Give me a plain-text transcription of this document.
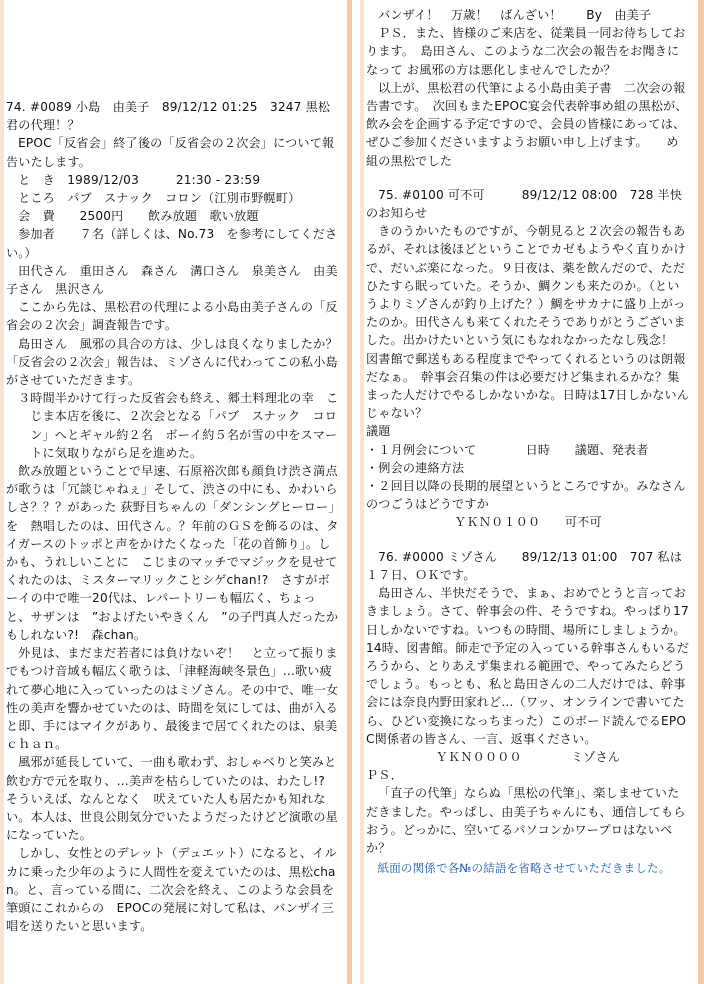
74. #0089 小島　由美子　89/12/12 01:25　3247 黒松君の代理！？

EPOC「反省会」終了後の「反省会の２次会」について報告いたします。

と　き　1989/12/03　　　21:30 - 23:59

ところ　パブ　スナック　コロン（江別市野幌町）

会　費　　2500円　　飲み放題　歌い放題

参加者　　７名（詳しくは、No.73　を参考にしてください。）

田代さん　重田さん　森さん　溝口さん　泉美さん　由美子さん　黒沢さん

ここから先は、黒松君の代理による小島由美子さんの「反省会の２次会」調査報告です。

島田さん　風邪の具合の方は、少しは良くなりましたか？「反省会の２次会」報告は、ミゾさんに代わってこの私小島がさせていただきます。

３時間半かけて行った反省会も終え、郷土料理北の幸　こじま本店を後に、２次会となる「パブ　スナック　コロン」へとギャル約２名　ボーイ約５名が雪の中をスマートに気取りながら足を進めた。

飲み放題ということで早速、石原裕次郎も顔負け渋さ満点が歌うは「冗談じゃねぇ」そして、渋さの中にも、かわいらしさ？？？があった 荻野目ちゃんの「ダンシングヒーロー」を　熱唱したのは、田代さん。？年前のＧＳを飾るのは、タイガースのトッポと声をかけたくなった「花の首飾り」。しかも、うれしいことに　こじまのマッチでマジックを見せてくれたのは、ミスターマリックことシゲchan!?　さすがボーイの中で唯一20代は、レパートリーも幅広く、ちょっと、サザンは　”およげたいやきくん　”の子門真人だったかもしれない?!　森chan。

外見は、まだまだ若者には負けないぞ！　と立って振りまでもつけ音域も幅広く歌うは、「津軽海峡冬景色」…歌い疲れて夢心地に入っていったのはミゾさん。その中で、唯一女性の美声を響かせていたのは、時間を気にしては、曲が入ると即、手にはマイクがあり、最後まで居てくれたのは、泉美ｃｈａｎ。

風邪が延長していて、一曲も歌わず、おしゃべりと笑みと飲む方で元を取り、…美声を枯らしていたのは、わたし!?　そういえば、なんとなく　吠えていた人も居たかも知れない。本人は、世良公則気分でいたようだったけどど演歌の星になっていた。

しかし、女性とのデレット（デュエット）になると、イルカに乗った少年のように人間性を変えていたのは、黒松chan。と、言っている間に、二次会を終え、このような会員を筆頭にこれからの　EPOCの発展に対して私は、バンザイ三唱を送りたいと思います。

バンザイ！　万歳！　ばんざい！　　By　由美子

ＰＳ．また、皆様のご来店を、従業員一同お待ちしております。　島田さん、このような二次会の報告をお聞きになって お風邪の方は悪化しませんでしたか？

以上が、黒松君の代筆による小島由美子書　二次会の報告書です。　次回もまたEPOC宴会代表幹事め組の黒松が、飲み会を企画する予定ですので、会員の皆様にあっては、ぜひご参加くださいますようお願い申し上げます。　　め組の黒松でした

75. #0100 可不可　　　89/12/12 08:00　728 半快のお知らせ

きのうかいたものですが、今朝見ると２次会の報告もあるが、それは後ほどということでカゼもようやく直りかけで、だいぶ楽になった。９日夜は、薬を飲んだので、ただひたすら眠っていた。そうか、鯛クンも来たのか。（というよりミゾさんが釣り上げた？）鯛をサカナに盛り上がったのか。田代さんも来てくれたそうでありがとうございました。出かけたいという気にもなれなかったなし残念！　図書館で郵送もある程度までやってくれるというのは朗報だなぁ。　幹事会召集の件は必要だけど集まれるかな？集まった人だけでやるしかないかな。日時は17日しかないんじゃない？

議題

・１月例会について　　　　日時　　議題、発表者

・例会の連絡方法

・２回目以降の長期的展望というところですか。みなさんのつごうはどうですか

ＹＫＮ０１００　　可不可

76. #0000 ミゾさん　　89/12/13 01:00　707 私は１７日、ＯＫです。

島田さん、半快だそうで、まぁ、おめでとうと言っておきましょう。さて、幹事会の件、そうですね。やっぱり17日しかないですね。いつもの時間、場所にしましょうか。14時、図書館。師走で予定の入っている幹事さんもいるだろうから、とりあえず集まれる範囲で、やってみたらどうでしょう。もっとも、私と島田さんの二人だけでは、幹事会には奈良内野田家れど…（ワッ、オンラインで書いてたら、ひどい変換になっちまった）このボード読んでるEPOC関係者の皆さん、一言、返事ください。

ＹＫＮ００００　　　　ミゾさん

ＰＳ．

「直子の代筆」ならぬ「黒松の代筆」、楽しませていただきました。やっぱし、由美子ちゃんにも、通信してもらおう。どっかに、空いてるパソコンかワープロはないべか？

紙面の関係で各№の結語を省略させていただきました。
